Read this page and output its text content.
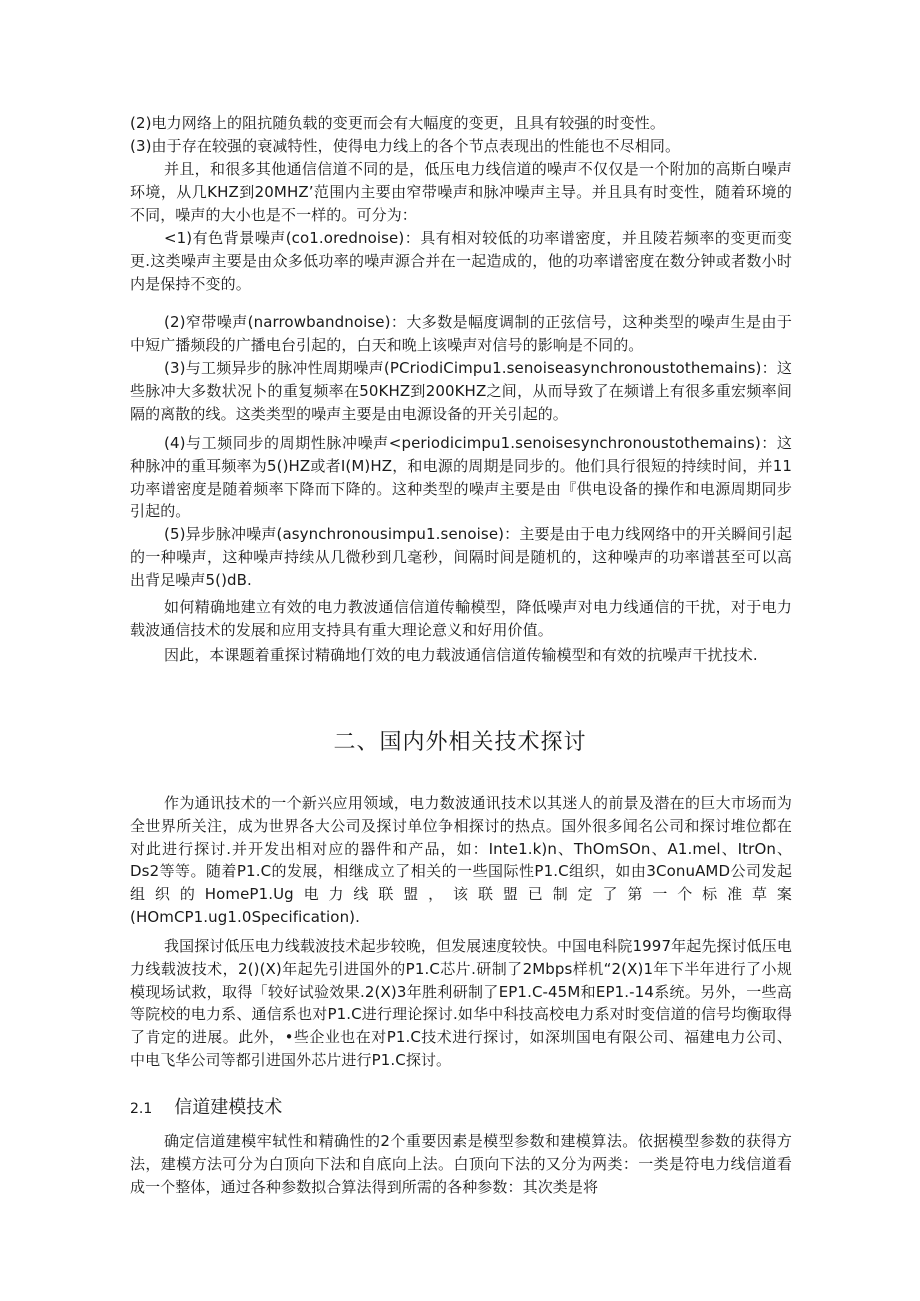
(2)电力网络上的阻抗随负载的变更而会有大幅度的变更，且具有较强的时变性。

(3)由于存在较强的衰减特性，使得电力线上的各个节点表现出的性能也不尽相同。

并且，和很多其他通信信道不同的是，低压电力线信道的噪声不仅仅是一个附加的高斯白噪声环境，从几KHZ到20MHZ’范围内主要由窄带噪声和脉冲噪声主导。并且具有时变性，随着环境的不同，噪声的大小也是不一样的。可分为：

<1)有色背景噪声(co1.orednoise)：具有相对较低的功率谱密度，并且陵若频率的变更而变更.这类噪声主要是由众多低功率的噪声源合并在一起造成的，他的功率谱密度在数分钟或者数小时内是保持不变的。

(2)窄带噪声(narrowbandnoise)：大多数是幅度调制的正弦信号，这种类型的噪声生是由于中短广播频段的广播电台引起的，白天和晚上该噪声对信号的影响是不同的。

(3)与工频异步的脉冲性周期噪声(PCriodiCimpu1.senoiseasynchronoustothemains)：这些脉冲大多数状况卜的重复频率在50KHZ到200KHZ之间，从而导致了在频谱上有很多重宏频率间隔的离散的线。这类类型的噪声主要是由电源设备的开关引起的。

(4)与工频同步的周期性脉冲噪声<periodicimpu1.senoisesynchronoustothemains)：这种脉冲的重耳频率为5()HZ或者I(M)HZ，和电源的周期是同步的。他们具行很短的持续时间，并11功率谱密度是随着频率下降而下降的。这种类型的噪声主要是由『供电设备的操作和电源周期同步引起的。

(5)异步脉冲噪声(asynchronousimpu1.senoise)：主要是由于电力线网络中的开关瞬间引起的一种噪声，这种噪声持续从几微秒到几毫秒，间隔时间是随机的，这种噪声的功率谱甚至可以高出背足噪声5()dB.

如何精确地建立有效的电力教波通信信道传輸模型，降低噪声对电力线通信的干扰，对于电力载波通信技术的发展和应用支持具有重大理论意义和好用价值。

因此，本课题着重探讨精确地仃效的电力载波通信信道传输模型和有效的抗噪声干扰技术.

二、国内外相关技术探讨

作为通讯技术的一个新兴应用领域，电力数波通讯技术以其迷人的前景及潜在的巨大市场而为全世界所关注，成为世界各大公司及探讨单位争相探讨的热点。国外很多闻名公司和探讨堆位都在对此进行探讨.并开发出相对应的器件和产品，如：Inte1.k)n、ThOmSOn、A1.mel、ItrOn、Ds2等等。随着P1.C的发展，相继成立了相关的一些国际性P1.C组织，如由3ConuAMD公司发起组织的HomeP1.Ug电力线联盟，该联盟已制定了第一个标准草案(HOmCP1.ug1.0Specification).

我国探讨低压电力线载波技术起步较晚，但发展速度较快。中国电科院1997年起先探讨低压电力线载波技术，2()(X)年起先引进国外的P1.C芯片.研制了2Mbps样机“2(X)1年下半年进行了小规模现场试救，取得「较好试验效果.2(X)3年胜利研制了EP1.C-45M和EP1.-14系统。另外，一些高等院校的电力系、通信系也对P1.C进行理论探讨.如华中科技高校电力系对时变信道的信号均衡取得了肯定的进展。此外，•些企业也在对P1.C技术进行探讨，如深圳国电有限公司、福建电力公司、中电飞华公司等都引进国外芯片进行P1.C探讨。

2.1 信道建模技术

确定信道建模牢轼性和精确性的2个重要因素是模型参数和建模算法。依据模型参数的获得方法，建模方法可分为白顶向下法和自底向上法。白顶向下法的又分为两类：一类是符电力线信道看成一个整体，通过各种参数拟合算法得到所需的各种参数：其次类是将
